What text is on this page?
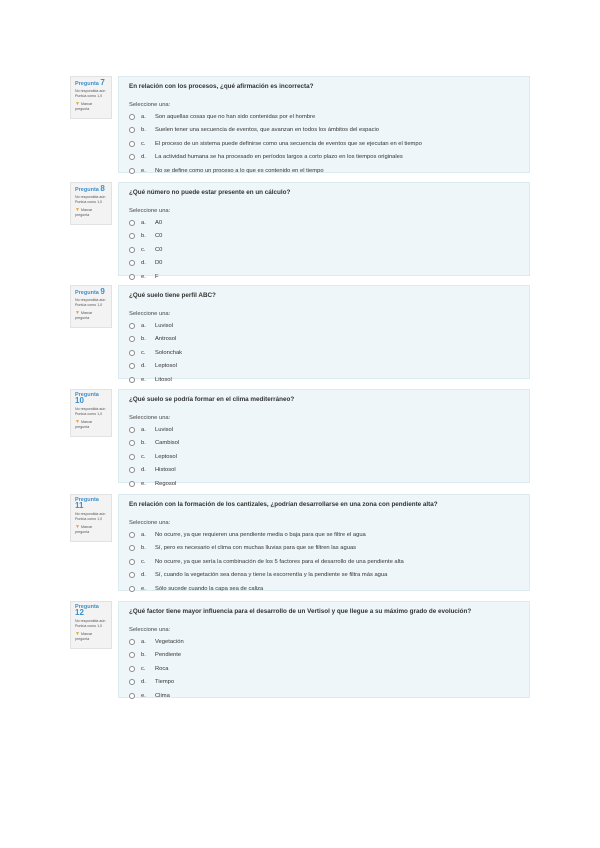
Pregunta 7
No respondida aún
Puntúa como 1,0
▼Marcar pregunta
En relación con los procesos, ¿qué afirmación es incorrecta?
Seleccione una:
a.	Son aquellas cosas que no han sido contenidas por el hombre
b.	Suelen tener una secuencia de eventos, que avanzan en todos los ámbitos del espacio
c.	El proceso de un sistema puede definirse como una secuencia de eventos que se ejecutan en el tiempo
d.	La actividad humana se ha procesado en períodos largos a corto plazo en los tiempos originales
e.	No se define como un proceso a lo que es contenido en el tiempo
Pregunta 8
No respondida aún
Puntúa como 1,0
▼Marcar pregunta
¿Qué número no puede estar presente en un cálculo?
Seleccione una:
a.	A0
b.	C0
c.	C0
d.	D0
e.	F
Pregunta 9
No respondida aún
Puntúa como 1,0
▼Marcar pregunta
¿Qué suelo tiene perfil ABC?
Seleccione una:
a.	Luvisol
b.	Antrosol
c.	Solonchak
d.	Leptosol
e.	Litosol
Pregunta 10
No respondida aún
Puntúa como 1,0
▼Marcar pregunta
¿Qué suelo se podría formar en el clima mediterráneo?
Seleccione una:
a.	Luvisol
b.	Cambisol
c.	Leptosol
d.	Histosol
e.	Regosol
Pregunta 11
No respondida aún
Puntúa como 1,0
▼Marcar pregunta
En relación con la formación de los cantizales, ¿podrían desarrollarse en una zona con pendiente alta?
Seleccione una:
a.	No ocurre, ya que requieren una pendiente media o baja para que se filtre el agua
b.	Sí, pero es necesario el clima con muchas lluvias para que se filtren las aguas
c.	No ocurre, ya que sería la combinación de los 5 factores para el desarrollo de una pendiente alta
d.	Sí, cuando la vegetación sea densa y tiene la escorrentía y la pendiente se filtra más agua
e.	Sólo sucede cuando la capa sea de caliza
Pregunta 12
No respondida aún
Puntúa como 1,0
▼Marcar pregunta
¿Qué factor tiene mayor influencia para el desarrollo de un Vertisol y que llegue a su máximo grado de evolución?
Seleccione una:
a.	Vegetación
b.	Pendiente
c.	Roca
d.	Tiempo
e.	Clima
